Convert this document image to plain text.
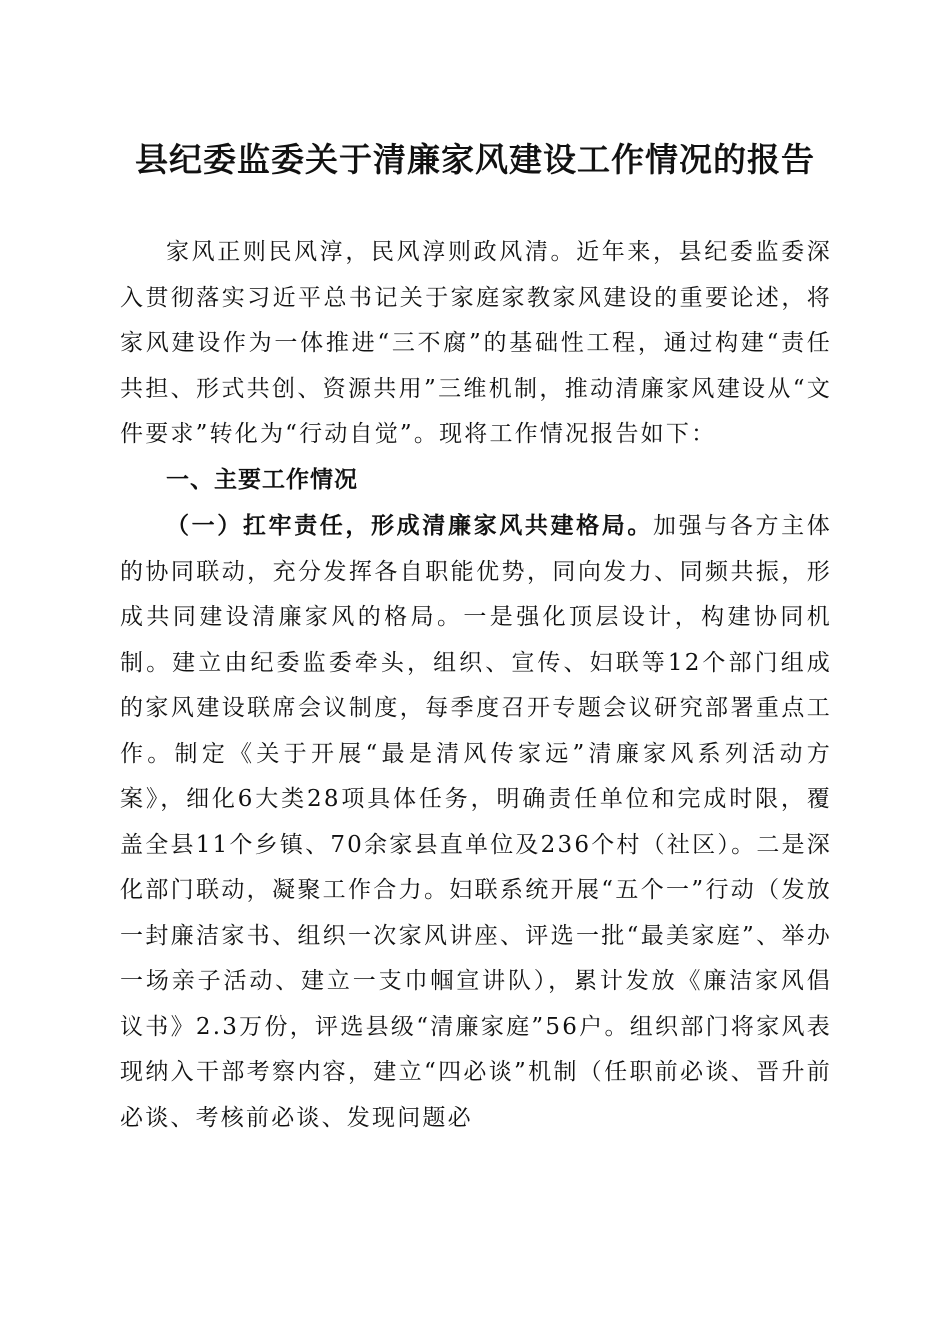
县纪委监委关于清廉家风建设工作情况的报告

家风正则民风淳，民风淳则政风清。近年来，县纪委监委深入贯彻落实习近平总书记关于家庭家教家风建设的重要论述，将家风建设作为一体推进“三不腐”的基础性工程，通过构建“责任共担、形式共创、资源共用”三维机制，推动清廉家风建设从“文件要求”转化为“行动自觉”。现将工作情况报告如下：

一、主要工作情况

（一）扛牢责任，形成清廉家风共建格局。加强与各方主体的协同联动，充分发挥各自职能优势，同向发力、同频共振，形成共同建设清廉家风的格局。一是强化顶层设计，构建协同机制。建立由纪委监委牵头，组织、宣传、妇联等12个部门组成的家风建设联席会议制度，每季度召开专题会议研究部署重点工作。制定《关于开展“最是清风传家远”清廉家风系列活动方案》，细化6大类28项具体任务，明确责任单位和完成时限，覆盖全县11个乡镇、70余家县直单位及236个村（社区）。二是深化部门联动，凝聚工作合力。妇联系统开展“五个一”行动（发放一封廉洁家书、组织一次家风讲座、评选一批“最美家庭”、举办一场亲子活动、建立一支巾帼宣讲队），累计发放《廉洁家风倡议书》2.3万份，评选县级“清廉家庭”56户。组织部门将家风表现纳入干部考察内容，建立“四必谈”机制（任职前必谈、晋升前必谈、考核前必谈、发现问题必
